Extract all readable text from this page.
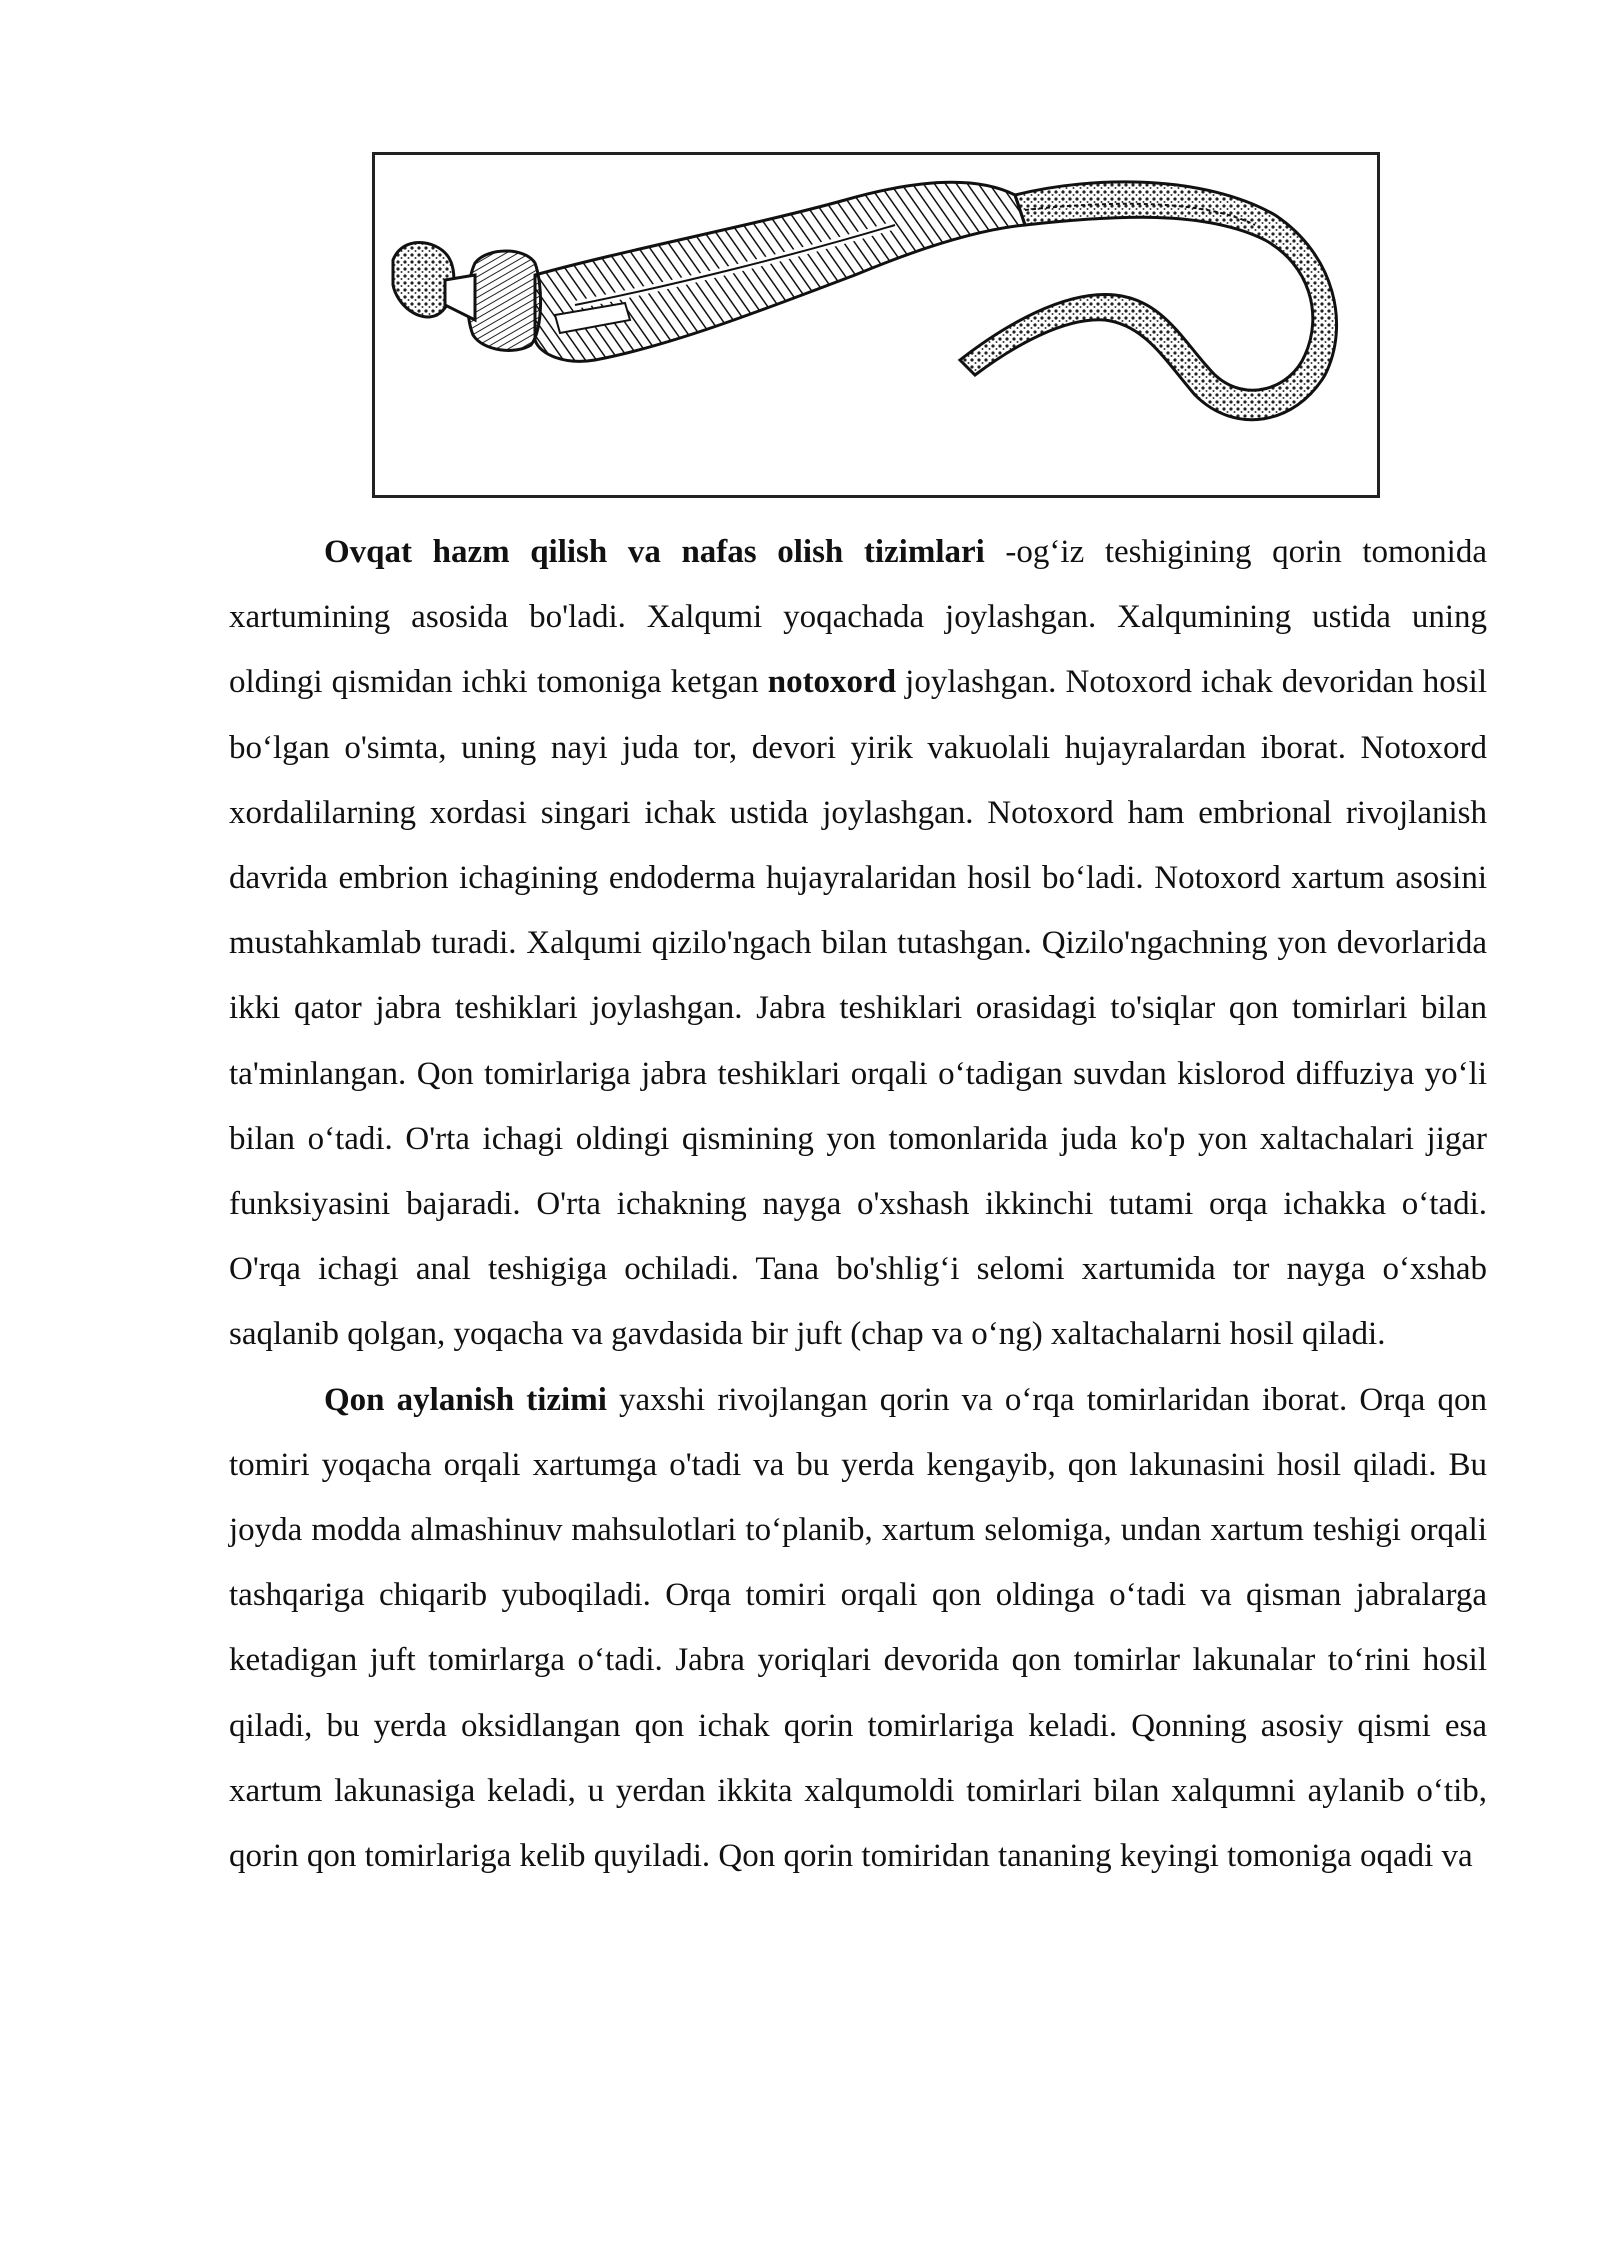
Ovqat hazm qilish va nafas olish tizimlari -og‘iz teshigining qorin tomonida xartumining asosida bo'ladi. Xalqumi yoqachada joylashgan. Xalqumining ustida uning oldingi qismidan ichki tomoniga ketgan notoxord joylashgan. Notoxord ichak devoridan hosil bo‘lgan o'simta, uning nayi juda tor, devori yirik vakuolali hujayralardan iborat. Notoxord xordalilarning xordasi singari ichak ustida joylashgan. Notoxord ham embrional rivojlanish davrida embrion ichagining endoderma hujayralaridan hosil bo‘ladi. Notoxord xartum asosini mustahkamlab turadi. Xalqumi qizilo'ngach bilan tutashgan. Qizilo'ngachning yon devorlarida ikki qator jabra teshiklari joylashgan. Jabra teshiklari orasidagi to'siqlar qon tomirlari bilan ta'minlangan. Qon tomirlariga jabra teshiklari orqali o‘tadigan suvdan kislorod diffuziya yo‘li bilan o‘tadi. O'rta ichagi oldingi qismining yon tomonlarida juda ko'p yon xaltachalari jigar funksiyasini bajaradi. O'rta ichakning nayga o'xshash ikkinchi tutami orqa ichakka o‘tadi. O'rqa ichagi anal teshigiga ochiladi. Tana bo'shlig‘i selomi xartumida tor nayga o‘xshab saqlanib qolgan, yoqacha va gavdasida bir juft (chap va o‘ng) xaltachalarni hosil qiladi.

Qon aylanish tizimi yaxshi rivojlangan qorin va o‘rqa tomirlaridan iborat. Orqa qon tomiri yoqacha orqali xartumga o'tadi va bu yerda kengayib, qon lakunasini hosil qiladi. Bu joyda modda almashinuv mahsulotlari to‘planib, xartum selomiga, undan xartum teshigi orqali tashqariga chiqarib yuboqiladi. Orqa tomiri orqali qon oldinga o‘tadi va qisman jabralarga ketadigan juft tomirlarga o‘tadi. Jabra yoriqlari devorida qon tomirlar lakunalar to‘rini hosil qiladi, bu yerda oksidlangan qon ichak qorin tomirlariga keladi. Qonning asosiy qismi esa xartum lakunasiga keladi, u yerdan ikkita xalqumoldi tomirlari bilan xalqumni aylanib o‘tib, qorin qon tomirlariga kelib quyiladi. Qon qorin tomiridan tananing keyingi tomoniga oqadi va
